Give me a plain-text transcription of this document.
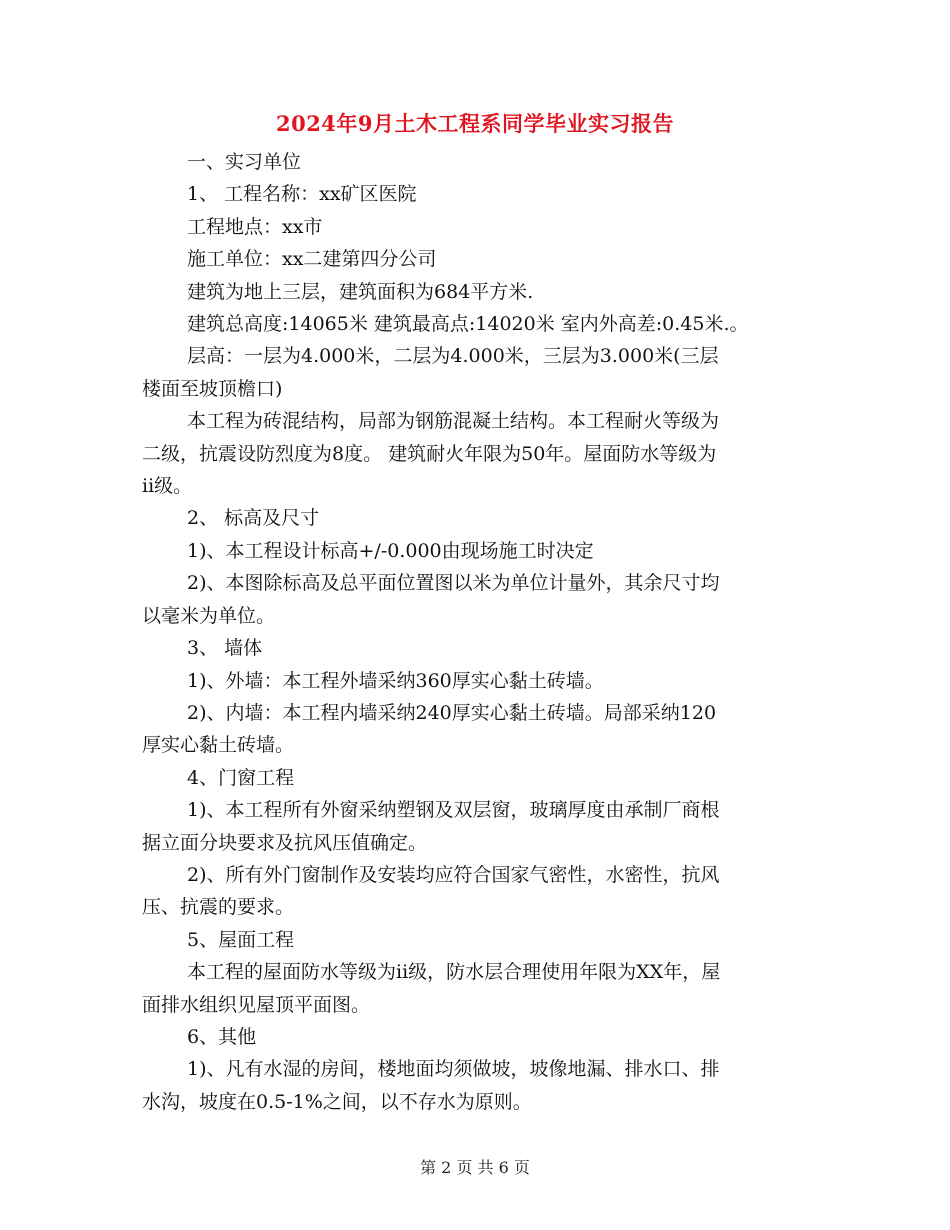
2024年9月土木工程系同学毕业实习报告

一、实习单位

1、 工程名称：xx矿区医院

工程地点：xx市

施工单位：xx二建第四分公司

建筑为地上三层，建筑面积为684平方米.

建筑总高度:14065米 建筑最高点:14020米 室内外高差:0.45米.。

层高：一层为4.000米，二层为4.000米，三层为3.000米(三层

楼面至坡顶檐口)

本工程为砖混结构，局部为钢筋混凝土结构。本工程耐火等级为

二级，抗震设防烈度为8度。 建筑耐火年限为50年。屋面防水等级为

ii级。

2、 标高及尺寸

1)、本工程设计标高+/-0.000由现场施工时决定

2)、本图除标高及总平面位置图以米为单位计量外，其余尺寸均

以毫米为单位。

3、 墙体

1)、外墙：本工程外墙采纳360厚实心黏土砖墙。

2)、内墙：本工程内墙采纳240厚实心黏土砖墙。局部采纳120

厚实心黏土砖墙。

4、门窗工程

1)、本工程所有外窗采纳塑钢及双层窗，玻璃厚度由承制厂商根

据立面分块要求及抗风压值确定。

2)、所有外门窗制作及安装均应符合国家气密性，水密性，抗风

压、抗震的要求。

5、屋面工程

本工程的屋面防水等级为ii级，防水层合理使用年限为XX年，屋

面排水组织见屋顶平面图。

6、其他

1)、凡有水湿的房间，楼地面均须做坡，坡像地漏、排水口、排

水沟，坡度在0.5-1%之间，以不存水为原则。

第 2 页 共 6 页
